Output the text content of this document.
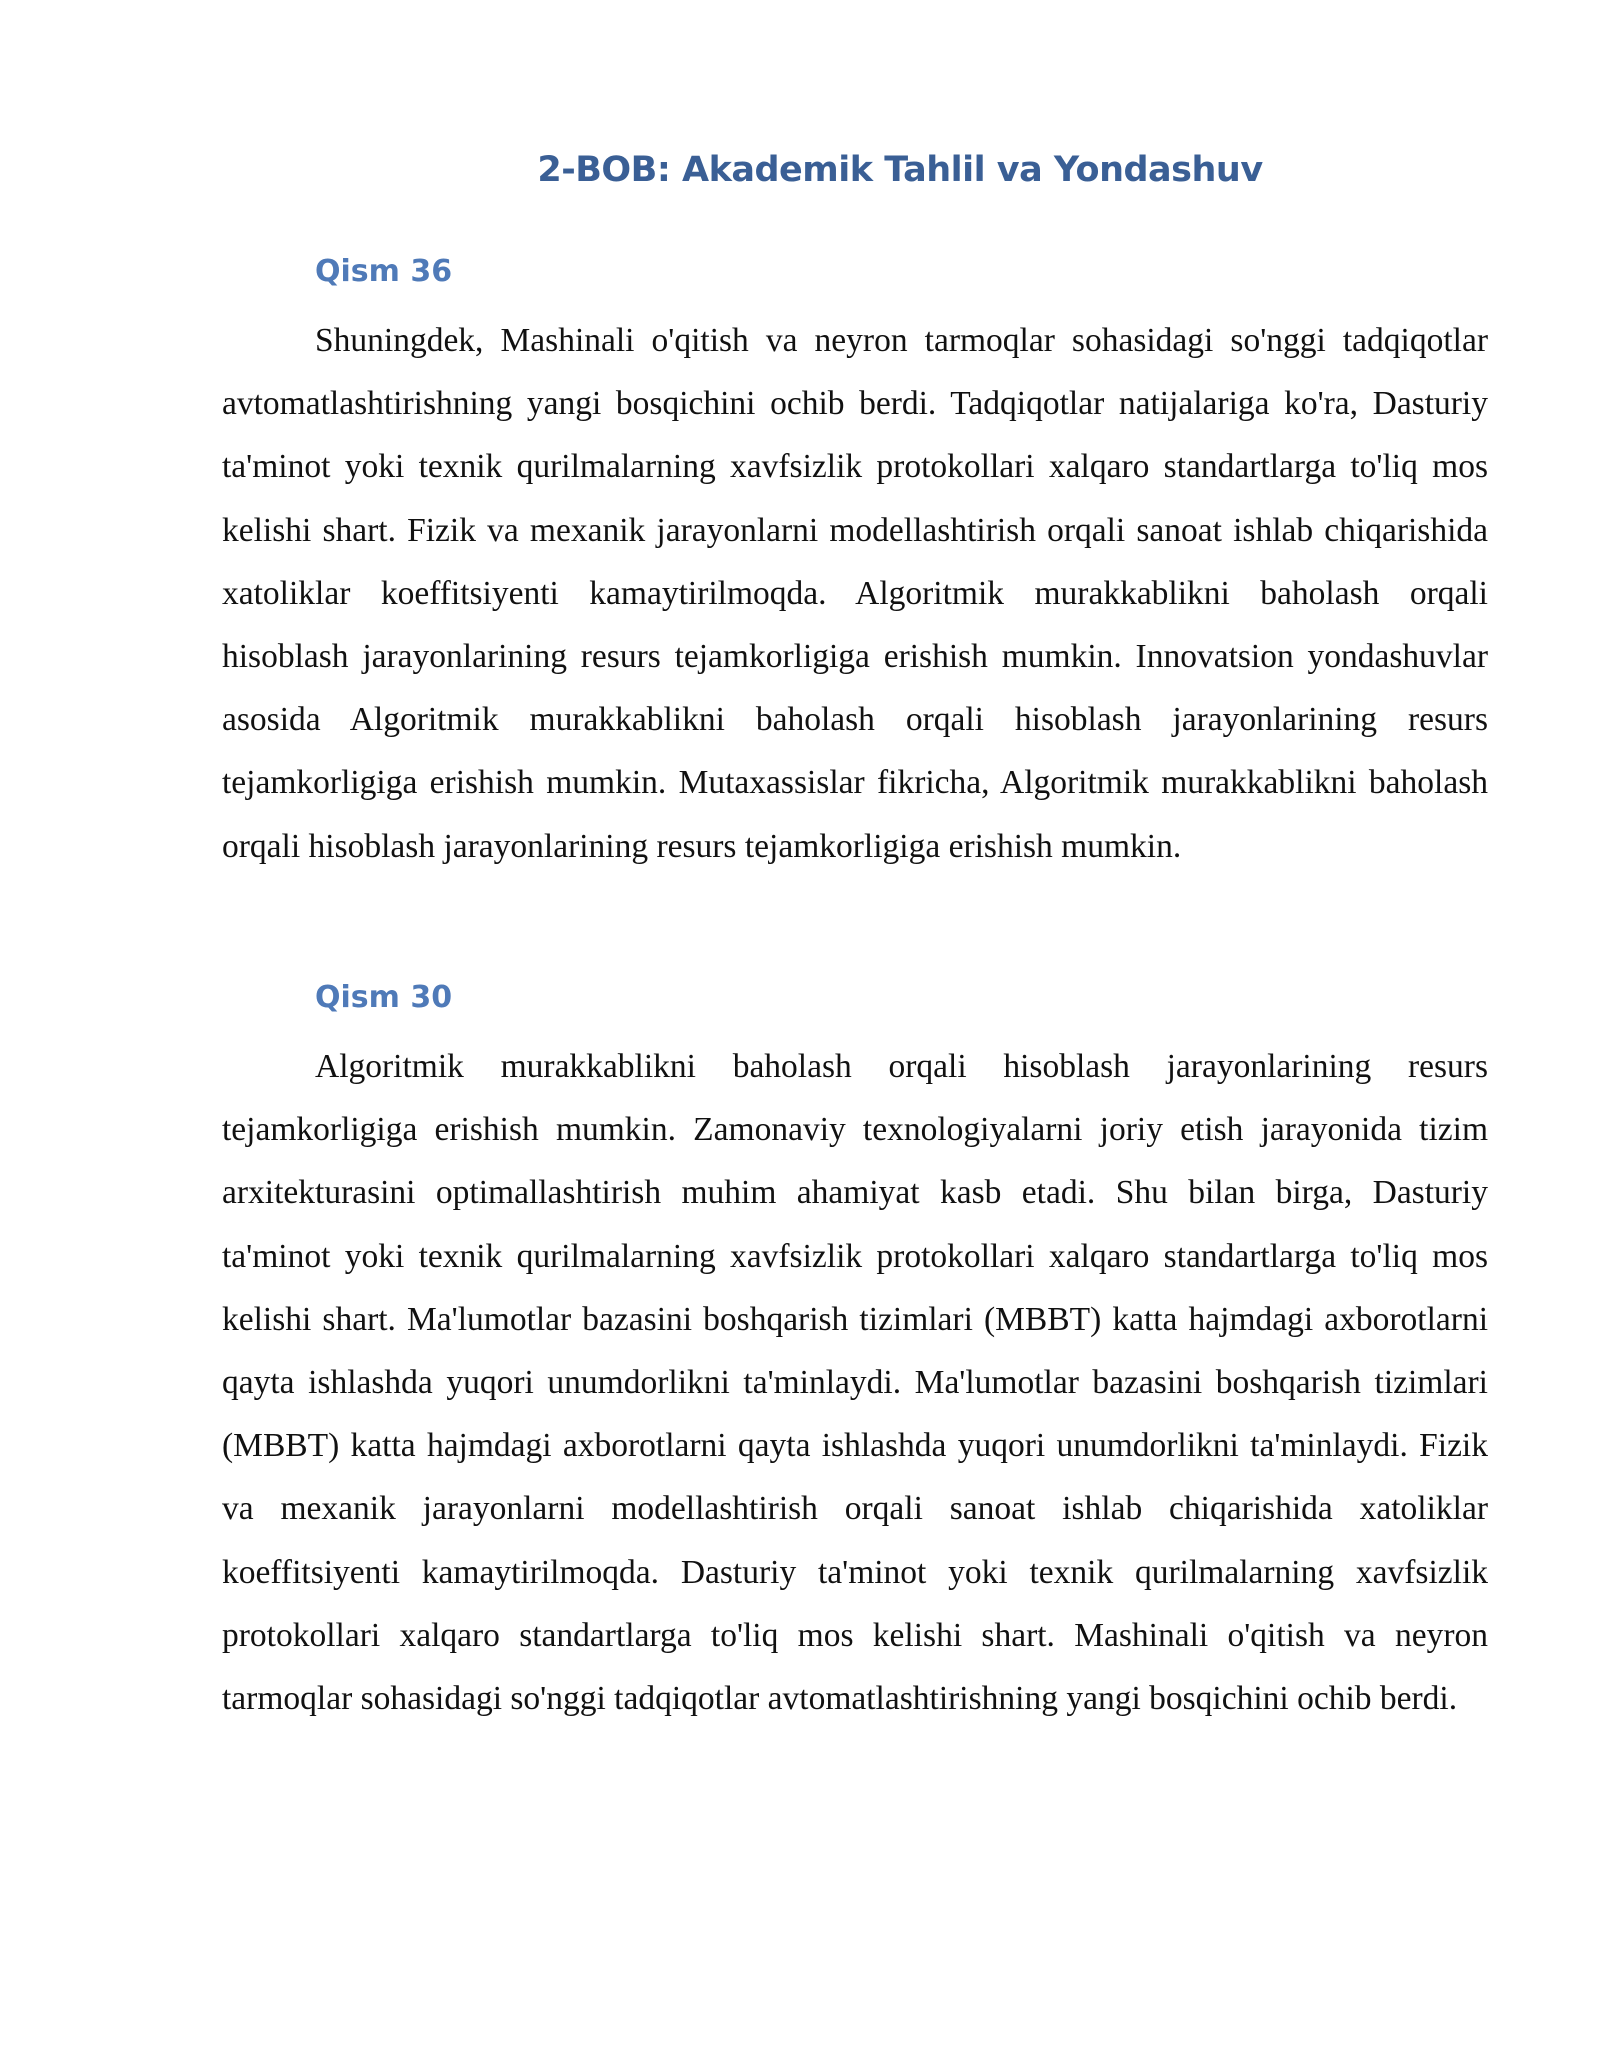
2-BOB: Akademik Tahlil va Yondashuv
Qism 36

Shuningdek, Mashinali o'qitish va neyron tarmoqlar sohasidagi so'nggi tadqiqotlar avtomatlashtirishning yangi bosqichini ochib berdi. Tadqiqotlar natijalariga ko'ra, Dasturiy ta'minot yoki texnik qurilmalarning xavfsizlik protokollari xalqaro standartlarga to'liq mos kelishi shart. Fizik va mexanik jarayonlarni modellashtirish orqali sanoat ishlab chiqarishida xatoliklar koeffitsiyenti kamaytirilmoqda. Algoritmik murakkablikni baholash orqali hisoblash jarayonlarining resurs tejamkorligiga erishish mumkin. Innovatsion yondashuvlar asosida Algoritmik murakkablikni baholash orqali hisoblash jarayonlarining resurs tejamkorligiga erishish mumkin. Mutaxassislar fikricha, Algoritmik murakkablikni baholash orqali hisoblash jarayonlarining resurs tejamkorligiga erishish mumkin.

Qism 30

Algoritmik murakkablikni baholash orqali hisoblash jarayonlarining resurs tejamkorligiga erishish mumkin. Zamonaviy texnologiyalarni joriy etish jarayonida tizim arxitekturasini optimallashtirish muhim ahamiyat kasb etadi. Shu bilan birga, Dasturiy ta'minot yoki texnik qurilmalarning xavfsizlik protokollari xalqaro standartlarga to'liq mos kelishi shart. Ma'lumotlar bazasini boshqarish tizimlari (MBBT) katta hajmdagi axborotlarni qayta ishlashda yuqori unumdorlikni ta'minlaydi. Ma'lumotlar bazasini boshqarish tizimlari (MBBT) katta hajmdagi axborotlarni qayta ishlashda yuqori unumdorlikni ta'minlaydi. Fizik va mexanik jarayonlarni modellashtirish orqali sanoat ishlab chiqarishida xatoliklar koeffitsiyenti kamaytirilmoqda. Dasturiy ta'minot yoki texnik qurilmalarning xavfsizlik protokollari xalqaro standartlarga to'liq mos kelishi shart. Mashinali o'qitish va neyron tarmoqlar sohasidagi so'nggi tadqiqotlar avtomatlashtirishning yangi bosqichini ochib berdi.
